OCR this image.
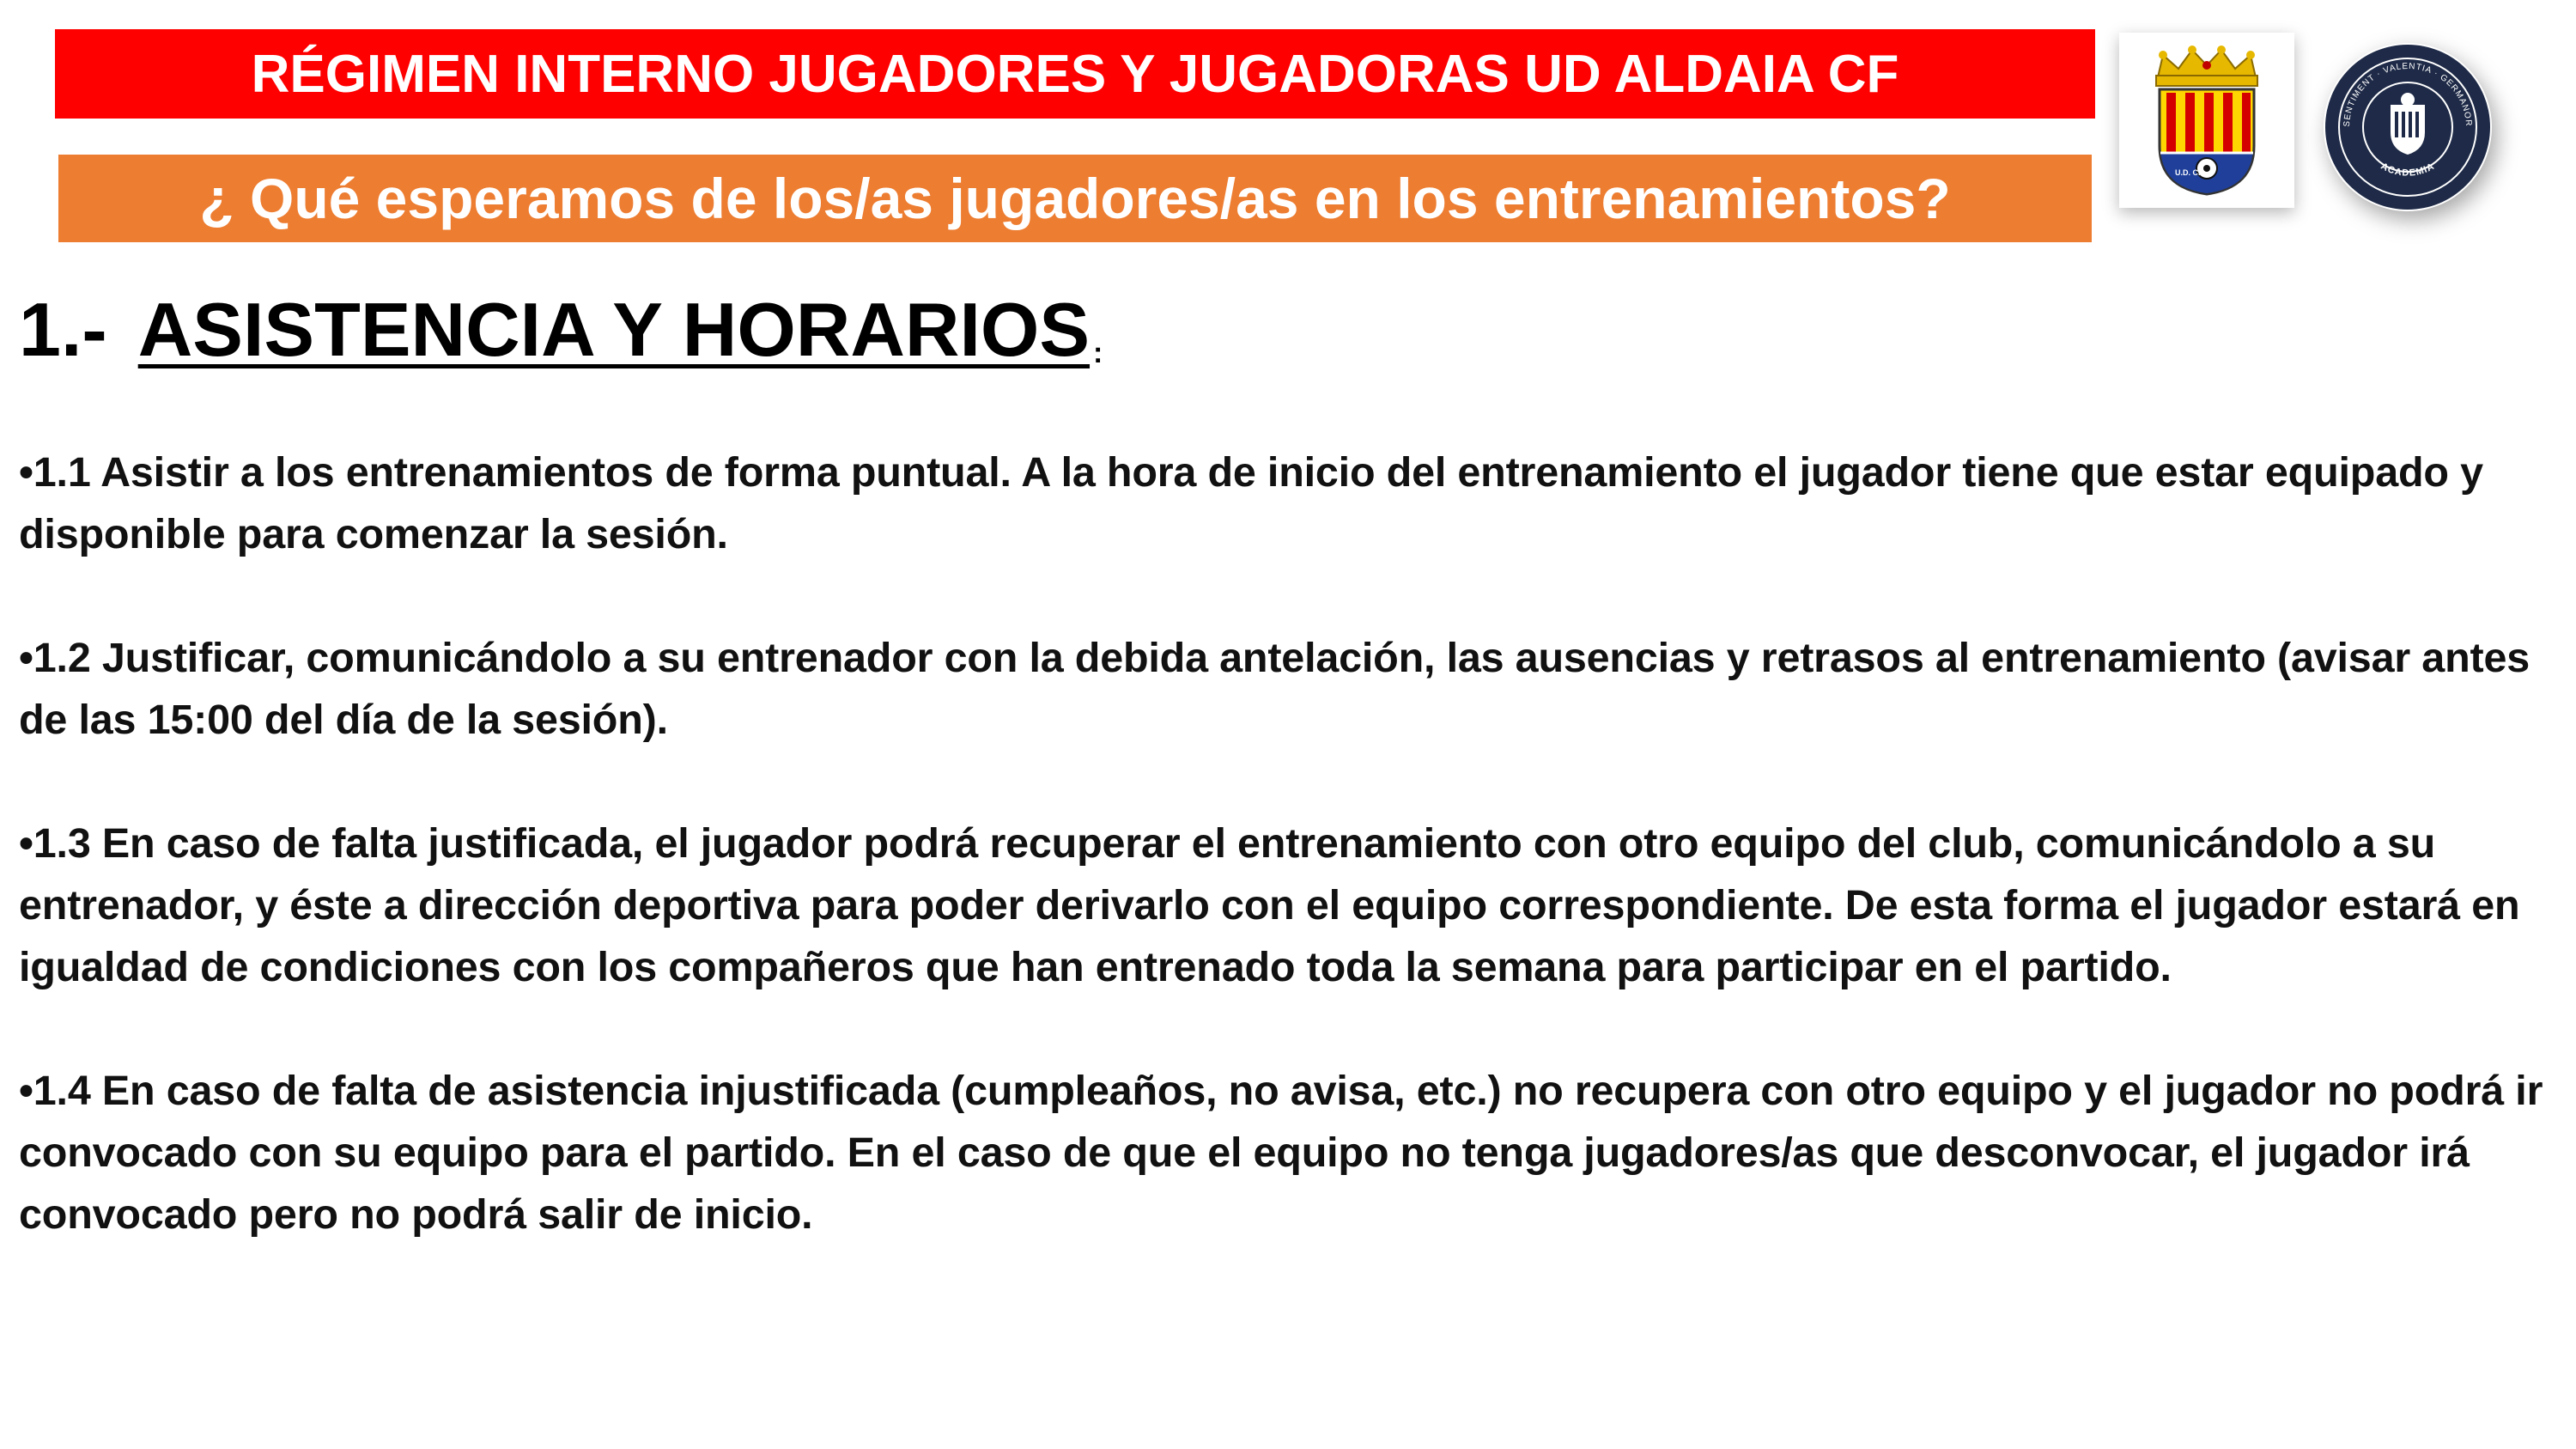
RÉGIMEN INTERNO JUGADORES Y JUGADORAS UD ALDAIA CF
¿ Qué esperamos de los/as jugadores/as en los entrenamientos?	U.D. CF
SENTIMENT · VALENTIA · GERMANOR
ACADEMIA
1.- ASISTENCIA Y HORARIOS :

•1.1 Asistir a los entrenamientos de forma puntual. A la hora de inicio del entrenamiento el jugador tiene que estar equipado y disponible para comenzar la sesión.

•1.2 Justificar, comunicándolo a su entrenador con la debida antelación, las ausencias y retrasos al entrenamiento (avisar antes de las 15:00 del día de la sesión).

•1.3 En caso de falta justificada, el jugador podrá recuperar el entrenamiento con otro equipo del club, comunicándolo a su entrenador, y éste a dirección deportiva para poder derivarlo con el equipo correspondiente. De esta forma el jugador estará en igualdad de condiciones con los compañeros que han entrenado toda la semana para participar en el partido.

•1.4 En caso de falta de asistencia injustificada (cumpleaños, no avisa, etc.) no recupera con otro equipo y el jugador no podrá ir convocado con su equipo para el partido. En el caso de que el equipo no tenga jugadores/as que desconvocar, el jugador irá convocado pero no podrá salir de inicio.
